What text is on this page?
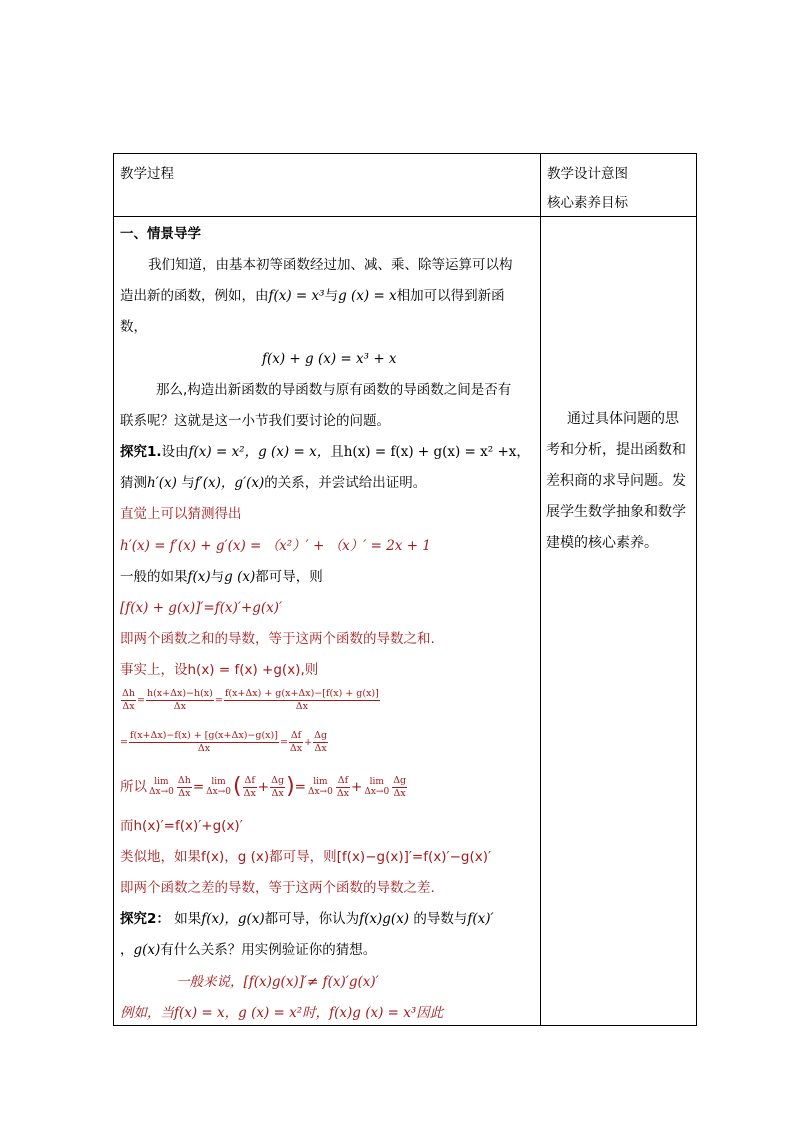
教学过程	教学设计意图
核心素养目标
通过具体问题的思
考和分析，提出函数和
差积商的求导问题。发
展学生数学抽象和数学
建模的核心素养。
一、情景导学
我们知道，由基本初等函数经过加、减、乘、除等运算可以构
造出新的函数，例如，由f(x) = x³与g (x) = x相加可以得到新函
数，
f(x) + g (x) = x³ + x
那么,构造出新函数的导函数与原有函数的导函数之间是否有
联系呢？这就是这一小节我们要讨论的问题。
探究1.设由f(x) = x²，g (x) = x，且h(x) = f(x) + g(x) = x² +x，
猜测h′(x) 与f′(x)，g′(x)的关系，并尝试给出证明。
直觉上可以猜测得出
h′(x) = f′(x) + g′(x) = （x²）′ + （x）′ = 2x + 1
一般的如果f(x)与g (x)都可导，则
[f(x) + g(x)]′=f(x)′+g(x)′
即两个函数之和的导数，等于这两个函数的导数之和.
事实上，设h(x) = f(x) +g(x),则
$\frac{\Delta h}{\Delta x} = \frac{h(x+\Delta x)-h(x)}{\Delta x} = \frac{f(x+\Delta x) + g(x+\Delta x)-[f(x) + g(x)]}{\Delta x}$
= $\frac{f(x+\Delta x)-f(x) + [g(x+\Delta x)-g(x)]}{\Delta x} = \frac{\Delta f}{\Delta x} + \frac{\Delta g}{\Delta x}$
所以 lim
$\Delta x\to 0 \frac{\Delta h}{\Delta x} = \lim$
$\Delta x\to 0( \frac{\Delta f}{\Delta x} + \frac{\Delta g}{\Delta x}$ )= lim
$\Delta x\to 0 \frac{\Delta f}{\Delta x} + \lim$
$\Delta x\to 0 \frac{\Delta g}{\Delta x}$
而h(x)′=f(x)′+g(x)′
类似地，如果f(x)，g (x)都可导，则[f(x)−g(x)]′=f(x)′−g(x)′
即两个函数之差的导数，等于这两个函数的导数之差.
探究2： 如果f(x)，g(x)都可导，你认为f(x)g(x) 的导数与f(x)′
，g(x)有什么关系？用实例验证你的猜想。
一般来说，[f(x)g(x)]′≠ f(x)′g(x)′
例如，当f(x) = x，g (x) = x²时，f(x)g (x) = x³因此
